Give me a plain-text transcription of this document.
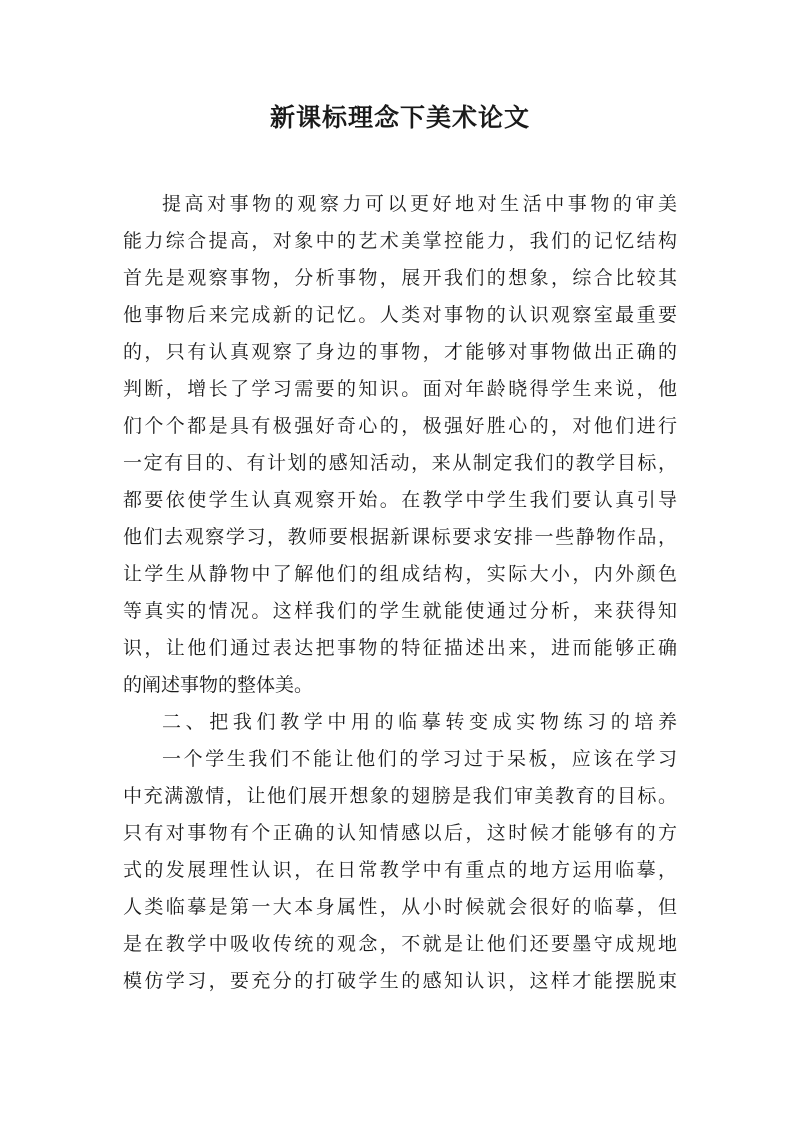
新课标理念下美术论文
提高对事物的观察力可以更好地对生活中事物的审美
能力综合提高，对象中的艺术美掌控能力，我们的记忆结构
首先是观察事物，分析事物，展开我们的想象，综合比较其
他事物后来完成新的记忆。人类对事物的认识观察室最重要
的，只有认真观察了身边的事物，才能够对事物做出正确的
判断，增长了学习需要的知识。面对年龄晓得学生来说，他
们个个都是具有极强好奇心的，极强好胜心的，对他们进行
一定有目的、有计划的感知活动，来从制定我们的教学目标，
都要依使学生认真观察开始。在教学中学生我们要认真引导
他们去观察学习，教师要根据新课标要求安排一些静物作品，
让学生从静物中了解他们的组成结构，实际大小，内外颜色
等真实的情况。这样我们的学生就能使通过分析，来获得知
识，让他们通过表达把事物的特征描述出来，进而能够正确
的阐述事物的整体美。
二、把我们教学中用的临摹转变成实物练习的培养
一个学生我们不能让他们的学习过于呆板，应该在学习
中充满激情，让他们展开想象的翅膀是我们审美教育的目标。
只有对事物有个正确的认知情感以后，这时候才能够有的方
式的发展理性认识，在日常教学中有重点的地方运用临摹，
人类临摹是第一大本身属性，从小时候就会很好的临摹，但
是在教学中吸收传统的观念，不就是让他们还要墨守成规地
模仿学习，要充分的打破学生的感知认识，这样才能摆脱束
